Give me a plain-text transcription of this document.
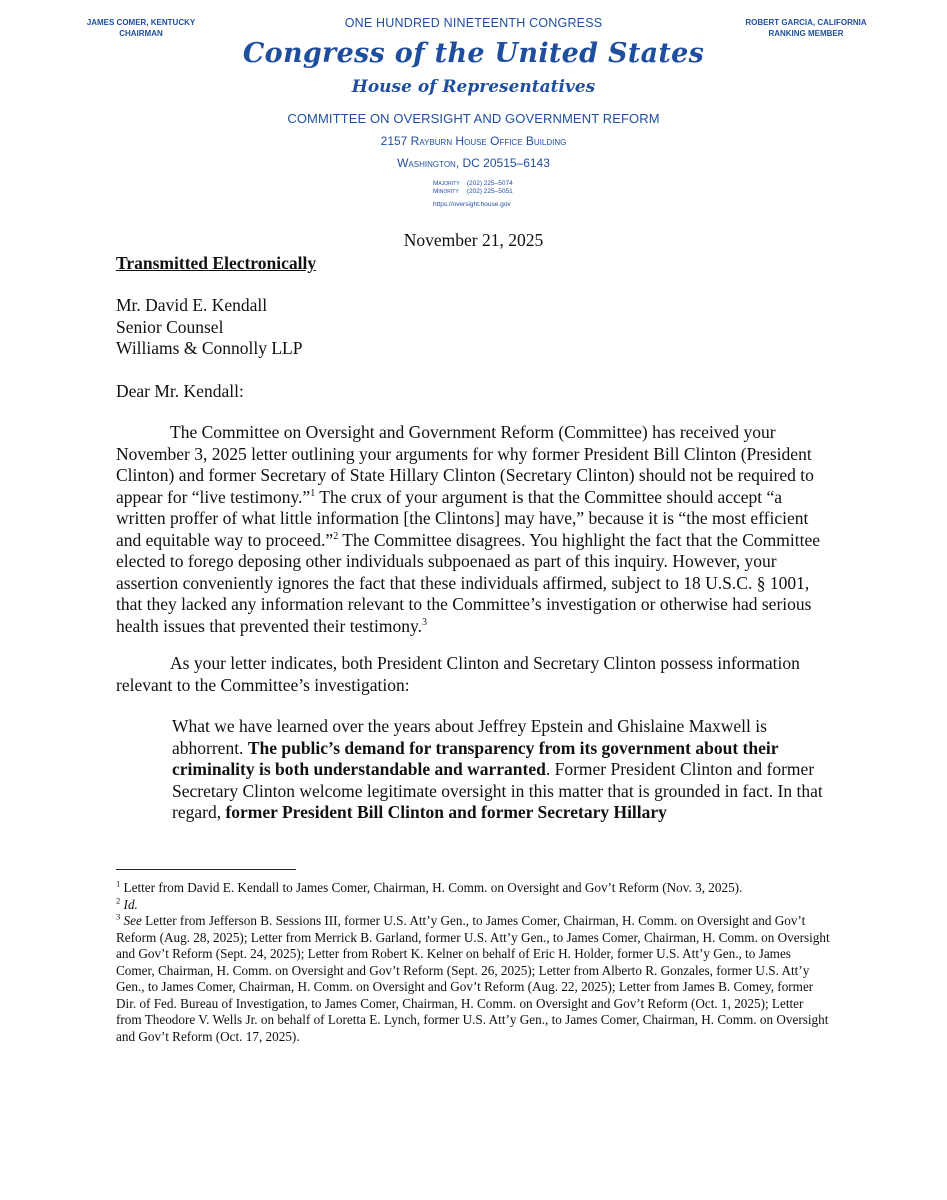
JAMES COMER, KENTUCKY
CHAIRMAN
ROBERT GARCIA, CALIFORNIA
RANKING MEMBER
ONE HUNDRED NINETEENTH CONGRESS
Congress of the United States
House of Representatives
COMMITTEE ON OVERSIGHT AND GOVERNMENT REFORM
2157 Rayburn House Office Building
Washington, DC 20515–6143
Majority (202) 225–5074
Minority (202) 225–5051
https://oversight.house.gov
November 21, 2025
Transmitted Electronically
Mr. David E. Kendall
Senior Counsel
Williams & Connolly LLP
Dear Mr. Kendall:

The Committee on Oversight and Government Reform (Committee) has received your November 3, 2025 letter outlining your arguments for why former President Bill Clinton (President Clinton) and former Secretary of State Hillary Clinton (Secretary Clinton) should not be required to appear for “live testimony.”$^1$ The crux of your argument is that the Committee should accept “a written proffer of what little information [the Clintons] may have,” because it is “the most efficient and equitable way to proceed.”$^2$ The Committee disagrees. You highlight the fact that the Committee elected to forego deposing other individuals subpoenaed as part of this inquiry. However, your assertion conveniently ignores the fact that these individuals affirmed, subject to 18 U.S.C. § 1001, that they lacked any information relevant to the Committee’s investigation or otherwise had serious health issues that prevented their testimony.$^3$

As your letter indicates, both President Clinton and Secretary Clinton possess information relevant to the Committee’s investigation:

What we have learned over the years about Jeffrey Epstein and Ghislaine Maxwell is abhorrent. The public’s demand for transparency from its government about their criminality is both understandable and warranted. Former President Clinton and former Secretary Clinton welcome legitimate oversight in this matter that is grounded in fact. In that regard, former President Bill Clinton and former Secretary Hillary

$^1$ Letter from David E. Kendall to James Comer, Chairman, H. Comm. on Oversight and Gov’t Reform (Nov. 3, 2025).

$^2$ Id.

$^3$ See Letter from Jefferson B. Sessions III, former U.S. Att’y Gen., to James Comer, Chairman, H. Comm. on Oversight and Gov’t Reform (Aug. 28, 2025); Letter from Merrick B. Garland, former U.S. Att’y Gen., to James Comer, Chairman, H. Comm. on Oversight and Gov’t Reform (Sept. 24, 2025); Letter from Robert K. Kelner on behalf of Eric H. Holder, former U.S. Att’y Gen., to James Comer, Chairman, H. Comm. on Oversight and Gov’t Reform (Sept. 26, 2025); Letter from Alberto R. Gonzales, former U.S. Att’y Gen., to James Comer, Chairman, H. Comm. on Oversight and Gov’t Reform (Aug. 22, 2025); Letter from James B. Comey, former Dir. of Fed. Bureau of Investigation, to James Comer, Chairman, H. Comm. on Oversight and Gov’t Reform (Oct. 1, 2025); Letter from Theodore V. Wells Jr. on behalf of Loretta E. Lynch, former U.S. Att’y Gen., to James Comer, Chairman, H. Comm. on Oversight and Gov’t Reform (Oct. 17, 2025).
